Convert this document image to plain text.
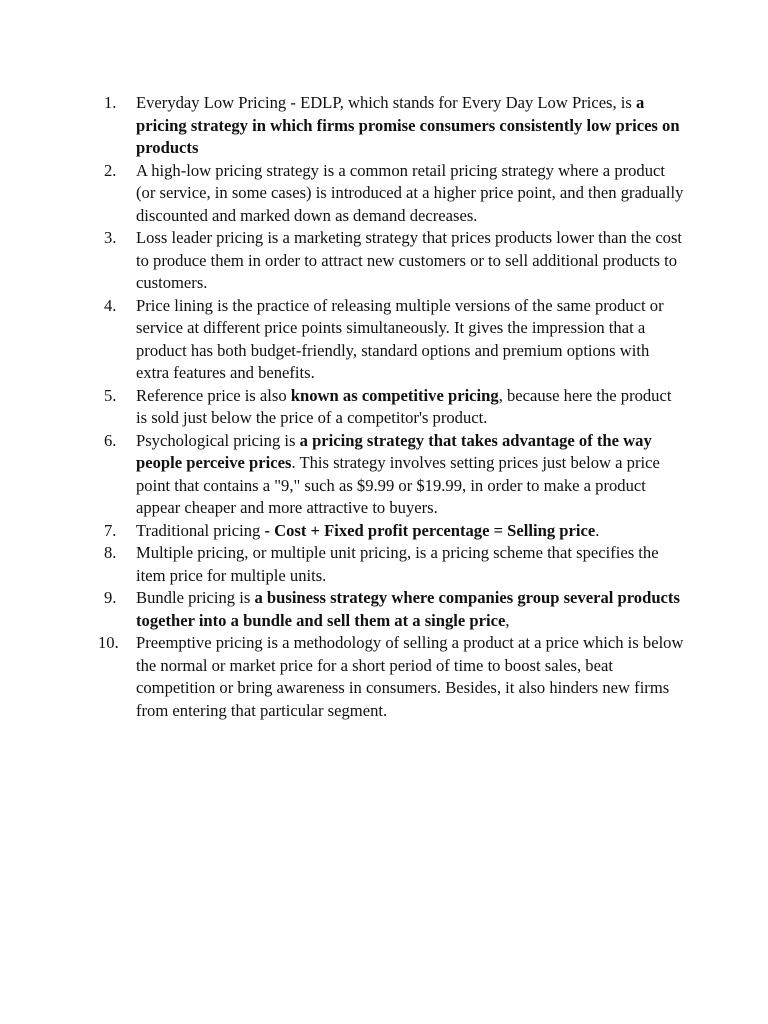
1.	Everyday Low Pricing - EDLP, which stands for Every Day Low Prices, is a pricing strategy in which firms promise consumers consistently low prices on products
2.	A high-low pricing strategy is a common retail pricing strategy where a product (or service, in some cases) is introduced at a higher price point, and then gradually discounted and marked down as demand decreases.
3.	Loss leader pricing is a marketing strategy that prices products lower than the cost to produce them in order to attract new customers or to sell additional products to customers.
4.	Price lining is the practice of releasing multiple versions of the same product or service at different price points simultaneously. It gives the impression that a product has both budget-friendly, standard options and premium options with extra features and benefits.
5.	Reference price is also known as competitive pricing, because here the product is sold just below the price of a competitor's product.
6.	Psychological pricing is a pricing strategy that takes advantage of the way people perceive prices. This strategy involves setting prices just below a price point that contains a "9," such as $9.99 or $19.99, in order to make a product appear cheaper and more attractive to buyers.
7.	Traditional pricing - Cost + Fixed profit percentage = Selling price.
8.	Multiple pricing, or multiple unit pricing, is a pricing scheme that specifies the item price for multiple units.
9.	Bundle pricing is a business strategy where companies group several products together into a bundle and sell them at a single price,
10.	Preemptive pricing is a methodology of selling a product at a price which is below the normal or market price for a short period of time to boost sales, beat competition or bring awareness in consumers. Besides, it also hinders new firms from entering that particular segment.
